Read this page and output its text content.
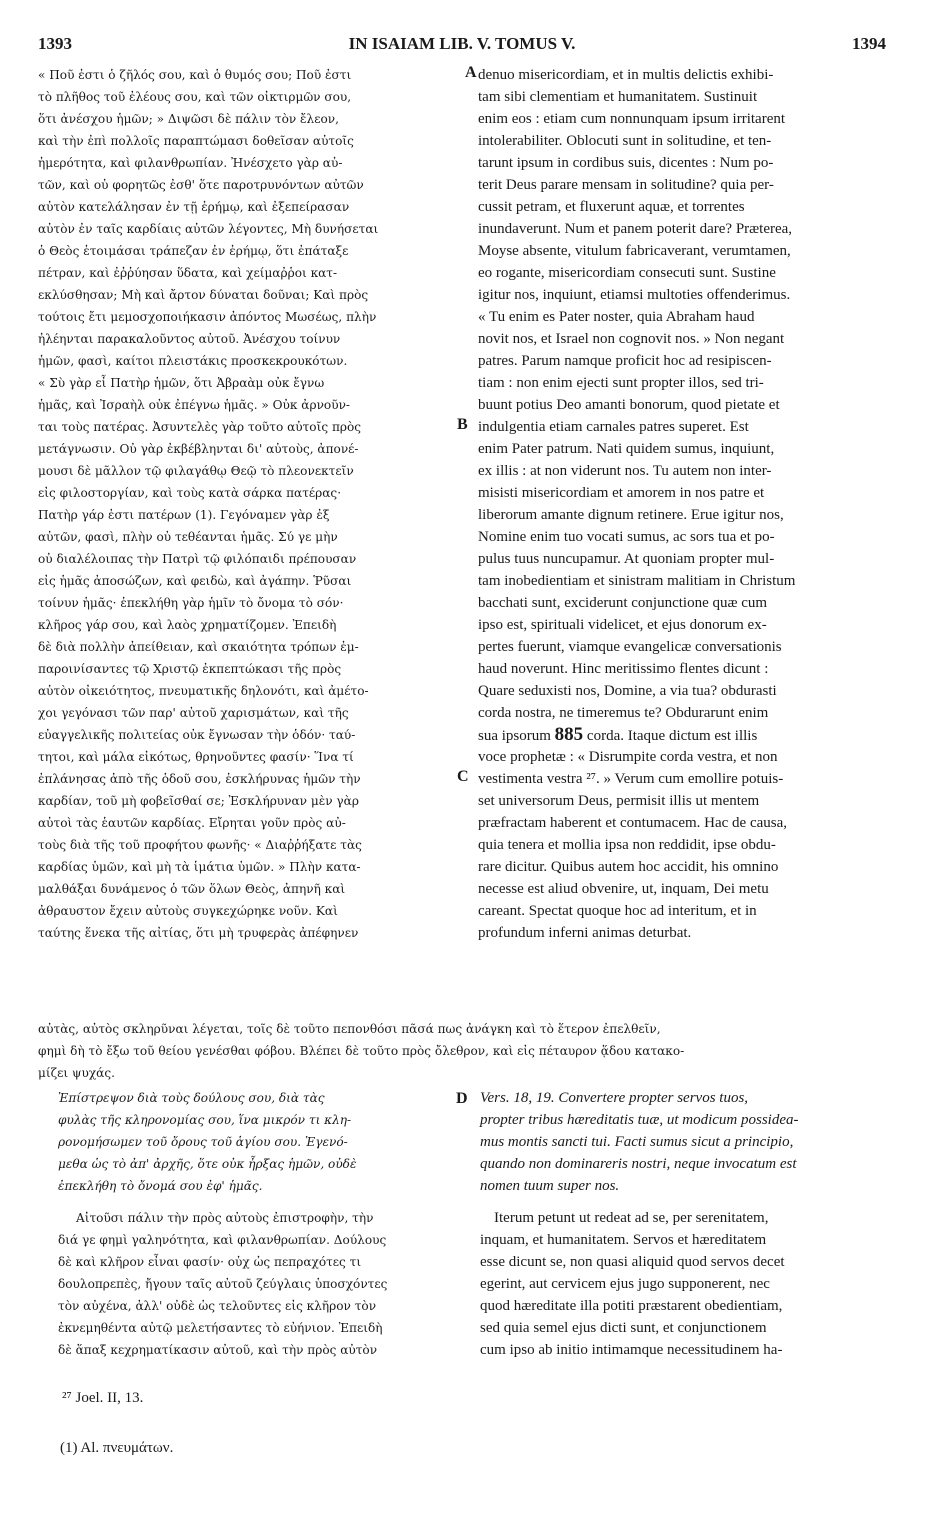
1393	IN ISAIAM LIB. V. TOMUS V.	1394
« Ποῦ ἐστι ὁ ζῆλός σου, καὶ ὁ θυμός σου; Ποῦ ἐστι
τὸ πλῆθος τοῦ ἐλέους σου, καὶ τῶν οἰκτιρμῶν σου,
ὅτι ἀνέσχου ἡμῶν; » Διψῶσι δὲ πάλιν τὸν ἔλεον,
καὶ τὴν ἐπὶ πολλοῖς παραπτώμασι δοθεῖσαν αὐτοῖς
ἡμερότητα, καὶ φιλανθρωπίαν. Ἠνέσχετο γὰρ αὐ-
τῶν, καὶ οὐ φορητῶς ἐσθ' ὅτε παροτρυνόντων αὐτῶν
αὐτὸν κατελάλησαν ἐν τῇ ἐρήμῳ, καὶ ἐξεπείρασαν
αὐτὸν ἐν ταῖς καρδίαις αὐτῶν λέγοντες, Μὴ δυνήσεται
ὁ Θεὸς ἑτοιμάσαι τράπεζαν ἐν ἐρήμῳ, ὅτι ἐπάταξε
πέτραν, καὶ ἐῤῥύησαν ὕδατα, καὶ χείμαῤῥοι κατ-
εκλύσθησαν; Μὴ καὶ ἄρτον δύναται δοῦναι; Καὶ πρὸς
τούτοις ἔτι μεμοσχοποιήκασιν ἀπόντος Μωσέως, πλὴν
ἠλέηνται παρακαλοῦντος αὐτοῦ. Ἀνέσχου τοίνυν
ἡμῶν, φασὶ, καίτοι πλειστάκις προσκεκρουκότων.
« Σὺ γὰρ εἶ Πατὴρ ἡμῶν, ὅτι Ἀβραὰμ οὐκ ἔγνω
ἡμᾶς, καὶ Ἰσραὴλ οὐκ ἐπέγνω ἡμᾶς. » Οὐκ ἀρνοῦν-
ται τοὺς πατέρας. Ἀσυντελὲς γὰρ τοῦτο αὐτοῖς πρὸς
μετάγνωσιν. Οὐ γὰρ ἐκβέβληνται δι' αὐτοὺς, ἀπονέ-
μουσι δὲ μᾶλλον τῷ φιλαγάθῳ Θεῷ τὸ πλεονεκτεῖν
εἰς φιλοστοργίαν, καὶ τοὺς κατὰ σάρκα πατέρας·
Πατὴρ γάρ ἐστι πατέρων (1). Γεγόναμεν γὰρ ἐξ
αὐτῶν, φασὶ, πλὴν οὐ τεθέανται ἡμᾶς. Σύ γε μὴν
οὐ διαλέλοιπας τὴν Πατρὶ τῷ φιλόπαιδι πρέπουσαν
εἰς ἡμᾶς ἀποσώζων, καὶ φειδὼ, καὶ ἀγάπην. Ῥῦσαι
τοίνυν ἡμᾶς· ἐπεκλήθη γὰρ ἡμῖν τὸ ὄνομα τὸ σόν·
κλῆρος γάρ σου, καὶ λαὸς χρηματίζομεν. Ἐπειδὴ
δὲ διὰ πολλὴν ἀπείθειαν, καὶ σκαιότητα τρόπων ἐμ-
παροινίσαντες τῷ Χριστῷ ἐκπεπτώκασι τῆς πρὸς
αὐτὸν οἰκειότητος, πνευματικῆς δηλονότι, καὶ ἀμέτο-
χοι γεγόνασι τῶν παρ' αὐτοῦ χαρισμάτων, καὶ τῆς
εὐαγγελικῆς πολιτείας οὐκ ἔγνωσαν τὴν ὁδόν· ταύ-
τητοι, καὶ μάλα εἰκότως, θρηνοῦντες φασίν· Ἵνα τί
ἐπλάνησας ἀπὸ τῆς ὁδοῦ σου, ἐσκλήρυνας ἡμῶν τὴν
καρδίαν, τοῦ μὴ φοβεῖσθαί σε; Ἐσκλήρυναν μὲν γὰρ
αὐτοὶ τὰς ἑαυτῶν καρδίας. Εἴρηται γοῦν πρὸς αὐ-
τοὺς διὰ τῆς τοῦ προφήτου φωνῆς· « Διαῤῥήξατε τὰς
καρδίας ὑμῶν, καὶ μὴ τὰ ἱμάτια ὑμῶν. » Πλὴν κατα-
μαλθάξαι δυνάμενος ὁ τῶν ὅλων Θεὸς, ἀπηνῆ καὶ
ἀθραυστον ἔχειν αὐτοὺς συγκεχώρηκε νοῦν. Καὶ
ταύτης ἕνεκα τῆς αἰτίας, ὅτι μὴ τρυφερὰς ἀπέφηνεν
denuo misericordiam, et in multis delictis exhibi-
tam sibi clementiam et humanitatem. Sustinuit
enim eos : etiam cum nonnunquam ipsum irritarent
intolerabiliter. Oblocuti sunt in solitudine, et ten-
tarunt ipsum in cordibus suis, dicentes : Num po-
terit Deus parare mensam in solitudine? quia per-
cussit petram, et fluxerunt aquæ, et torrentes
inundaverunt. Num et panem poterit dare? Præterea,
Moyse absente, vitulum fabricaverant, verumtamen,
eo rogante, misericordiam consecuti sunt. Sustine
igitur nos, inquiunt, etiamsi multoties offenderimus.
« Tu enim es Pater noster, quia Abraham haud
novit nos, et Israel non cognovit nos. » Non negant
patres. Parum namque proficit hoc ad resipiscen-
tiam : non enim ejecti sunt propter illos, sed tri-
buunt potius Deo amanti bonorum, quod pietate et
indulgentia etiam carnales patres superet. Est
enim Pater patrum. Nati quidem sumus, inquiunt,
ex illis : at non viderunt nos. Tu autem non inter-
misisti misericordiam et amorem in nos patre et
liberorum amante dignum retinere. Erue igitur nos,
Nomine enim tuo vocati sumus, ac sors tua et po-
pulus tuus nuncupamur. At quoniam propter mul-
tam inobedientiam et sinistram malitiam in Christum
bacchati sunt, exciderunt conjunctione quæ cum
ipso est, spirituali videlicet, et ejus donorum ex-
pertes fuerunt, viamque evangelicæ conversationis
haud noverunt. Hinc meritissimo flentes dicunt :
Quare seduxisti nos, Domine, a via tua? obdurasti
corda nostra, ne timeremus te? Obdurarunt enim
sua ipsorum 885 corda. Itaque dictum est illis
voce prophetæ : « Disrumpite corda vestra, et non
vestimenta vestra ²⁷. » Verum cum emollire potuis-
set universorum Deus, permisit illis ut mentem
præfractam haberent et contumacem. Hac de causa,
quia tenera et mollia ipsa non reddidit, ipse obdu-
rare dicitur. Quibus autem hoc accidit, his omnino
necesse est aliud obvenire, ut, inquam, Dei metu
careant. Spectat quoque hoc ad interitum, et in
profundum inferni animas deturbat.
αὐτὰς, αὐτὸς σκληρῦναι λέγεται, τοῖς δὲ τοῦτο πεπονθόσι πᾶσά πως ἀνάγκη καὶ τὸ ἕτερον ἐπελθεῖν,
φημὶ δὴ τὸ ἔξω τοῦ θείου γενέσθαι φόβου. Βλέπει δὲ τοῦτο πρὸς ὄλεθρον, καὶ εἰς πέταυρον ᾅδου κατακο-
μίζει ψυχάς.
Ἐπίστρεψον διὰ τοὺς δούλους σου, διὰ τὰς
φυλὰς τῆς κληρονομίας σου, ἵνα μικρόν τι κλη-
ρονομήσωμεν τοῦ ὄρους τοῦ ἁγίου σου. Ἐγενό-
μεθα ὡς τὸ ἀπ' ἀρχῆς, ὅτε οὐκ ἦρξας ἡμῶν, οὐδὲ
ἐπεκλήθη τὸ ὄνομά σου ἐφ' ἡμᾶς.
Αἰτοῦσι πάλιν τὴν πρὸς αὐτοὺς ἐπιστροφὴν, τὴν
διά γε φημὶ γαληνότητα, καὶ φιλανθρωπίαν. Δούλους
δὲ καὶ κλῆρον εἶναι φασίν· οὐχ ὡς πεπραχότες τι
δουλοπρεπὲς, ἤγουν ταῖς αὐτοῦ ζεύγλαις ὑποσχόντες
τὸν αὐχένα, ἀλλ' οὐδὲ ὡς τελοῦντες εἰς κλῆρον τὸν
ἐκνεμηθέντα αὐτῷ μελετήσαντες τὸ εὐήνιον. Ἐπειδὴ
δὲ ἅπαξ κεχρηματίκασιν αὐτοῦ, καὶ τὴν πρὸς αὐτὸν
Vers. 18, 19. Convertere propter servos tuos,
propter tribus hæreditatis tuæ, ut modicum possidea-
mus montis sancti tui. Facti sumus sicut a principio,
quando non dominareris nostri, neque invocatum est
nomen tuum super nos.
Iterum petunt ut redeat ad se, per serenitatem,
inquam, et humanitatem. Servos et hæreditatem
esse dicunt se, non quasi aliquid quod servos decet
egerint, aut cervicem ejus jugo supponerent, nec
quod hæreditate illa potiti præstarent obedientiam,
sed quia semel ejus dicti sunt, et conjunctionem
cum ipso ab initio intimamque necessitudinem ha-
A
B
C
D
²⁷ Joel. II, 13.
(1) Al. πνευμάτων.
